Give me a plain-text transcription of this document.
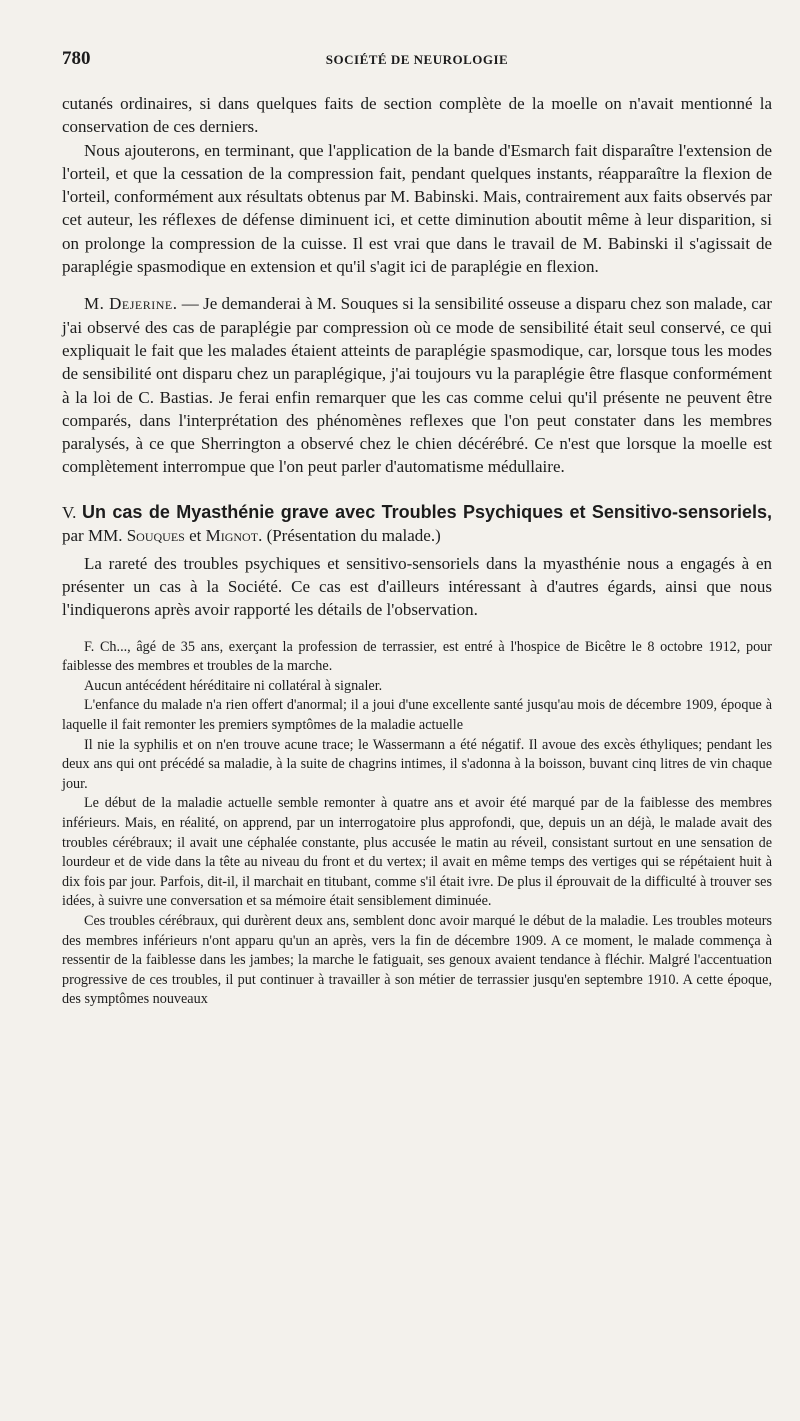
780	SOCIÉTÉ DE NEUROLOGIE

cutanés ordinaires, si dans quelques faits de section complète de la moelle on n'avait mentionné la conservation de ces derniers.

Nous ajouterons, en terminant, que l'application de la bande d'Esmarch fait disparaître l'extension de l'orteil, et que la cessation de la compression fait, pendant quelques instants, réapparaître la flexion de l'orteil, conformément aux résultats obtenus par M. Babinski. Mais, contrairement aux faits observés par cet auteur, les réflexes de défense diminuent ici, et cette diminution aboutit même à leur disparition, si on prolonge la compression de la cuisse. Il est vrai que dans le travail de M. Babinski il s'agissait de paraplégie spasmodique en extension et qu'il s'agit ici de paraplégie en flexion.

M. Dejerine. — Je demanderai à M. Souques si la sensibilité osseuse a disparu chez son malade, car j'ai observé des cas de paraplégie par compression où ce mode de sensibilité était seul conservé, ce qui expliquait le fait que les malades étaient atteints de paraplégie spasmodique, car, lorsque tous les modes de sensibilité ont disparu chez un paraplégique, j'ai toujours vu la paraplégie être flasque conformément à la loi de C. Bastias. Je ferai enfin remarquer que les cas comme celui qu'il présente ne peuvent être comparés, dans l'interprétation des phénomènes reflexes que l'on peut constater dans les membres paralysés, à ce que Sherrington a observé chez le chien décérébré. Ce n'est que lorsque la moelle est complètement interrompue que l'on peut parler d'automatisme médullaire.

V. Un cas de Myasthénie grave avec Troubles Psychiques et Sensitivo-sensoriels, par MM. Souques et Mignot. (Présentation du malade.)

La rareté des troubles psychiques et sensitivo-sensoriels dans la myasthénie nous a engagés à en présenter un cas à la Société. Ce cas est d'ailleurs intéressant à d'autres égards, ainsi que nous l'indiquerons après avoir rapporté les détails de l'observation.

F. Ch..., âgé de 35 ans, exerçant la profession de terrassier, est entré à l'hospice de Bicêtre le 8 octobre 1912, pour faiblesse des membres et troubles de la marche.

Aucun antécédent héréditaire ni collatéral à signaler.

L'enfance du malade n'a rien offert d'anormal; il a joui d'une excellente santé jusqu'au mois de décembre 1909, époque à laquelle il fait remonter les premiers symptômes de la maladie actuelle

Il nie la syphilis et on n'en trouve acune trace; le Wassermann a été négatif. Il avoue des excès éthyliques; pendant les deux ans qui ont précédé sa maladie, à la suite de chagrins intimes, il s'adonna à la boisson, buvant cinq litres de vin chaque jour.

Le début de la maladie actuelle semble remonter à quatre ans et avoir été marqué par de la faiblesse des membres inférieurs. Mais, en réalité, on apprend, par un interrogatoire plus approfondi, que, depuis un an déjà, le malade avait des troubles cérébraux; il avait une céphalée constante, plus accusée le matin au réveil, consistant surtout en une sensation de lourdeur et de vide dans la tête au niveau du front et du vertex; il avait en même temps des vertiges qui se répétaient huit à dix fois par jour. Parfois, dit-il, il marchait en titubant, comme s'il était ivre. De plus il éprouvait de la difficulté à trouver ses idées, à suivre une conversation et sa mémoire était sensiblement diminuée.

Ces troubles cérébraux, qui durèrent deux ans, semblent donc avoir marqué le début de la maladie. Les troubles moteurs des membres inférieurs n'ont apparu qu'un an après, vers la fin de décembre 1909. A ce moment, le malade commença à ressentir de la faiblesse dans les jambes; la marche le fatiguait, ses genoux avaient tendance à fléchir. Malgré l'accentuation progressive de ces troubles, il put continuer à travailler à son métier de terrassier jusqu'en septembre 1910. A cette époque, des symptômes nouveaux
